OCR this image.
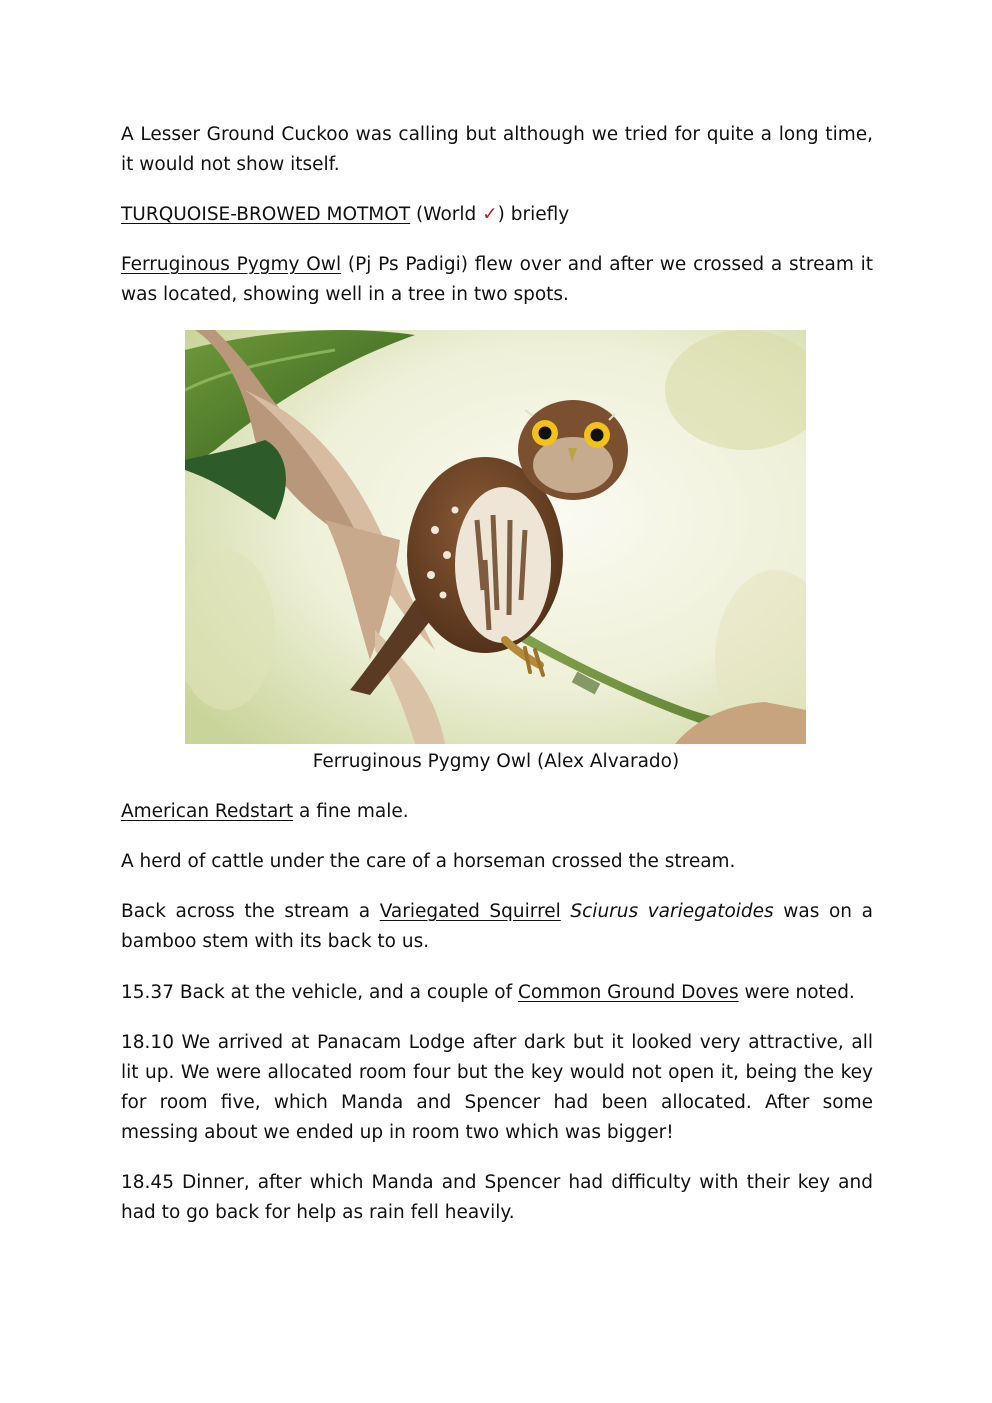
A Lesser Ground Cuckoo was calling but although we tried for quite a long time, it would not show itself.

TURQUOISE-BROWED MOTMOT (World ✓) briefly

Ferruginous Pygmy Owl (Pj Ps Padigi) flew over and after we crossed a stream it was located, showing well in a tree in two spots.

Ferruginous Pygmy Owl (Alex Alvarado)

American Redstart a fine male.

A herd of cattle under the care of a horseman crossed the stream.

Back across the stream a Variegated Squirrel Sciurus variegatoides was on a bamboo stem with its back to us.

15.37 Back at the vehicle, and a couple of Common Ground Doves were noted.

18.10 We arrived at Panacam Lodge after dark but it looked very attractive, all lit up. We were allocated room four but the key would not open it, being the key for room five, which Manda and Spencer had been allocated. After some messing about we ended up in room two which was bigger!

18.45 Dinner, after which Manda and Spencer had difficulty with their key and had to go back for help as rain fell heavily.
